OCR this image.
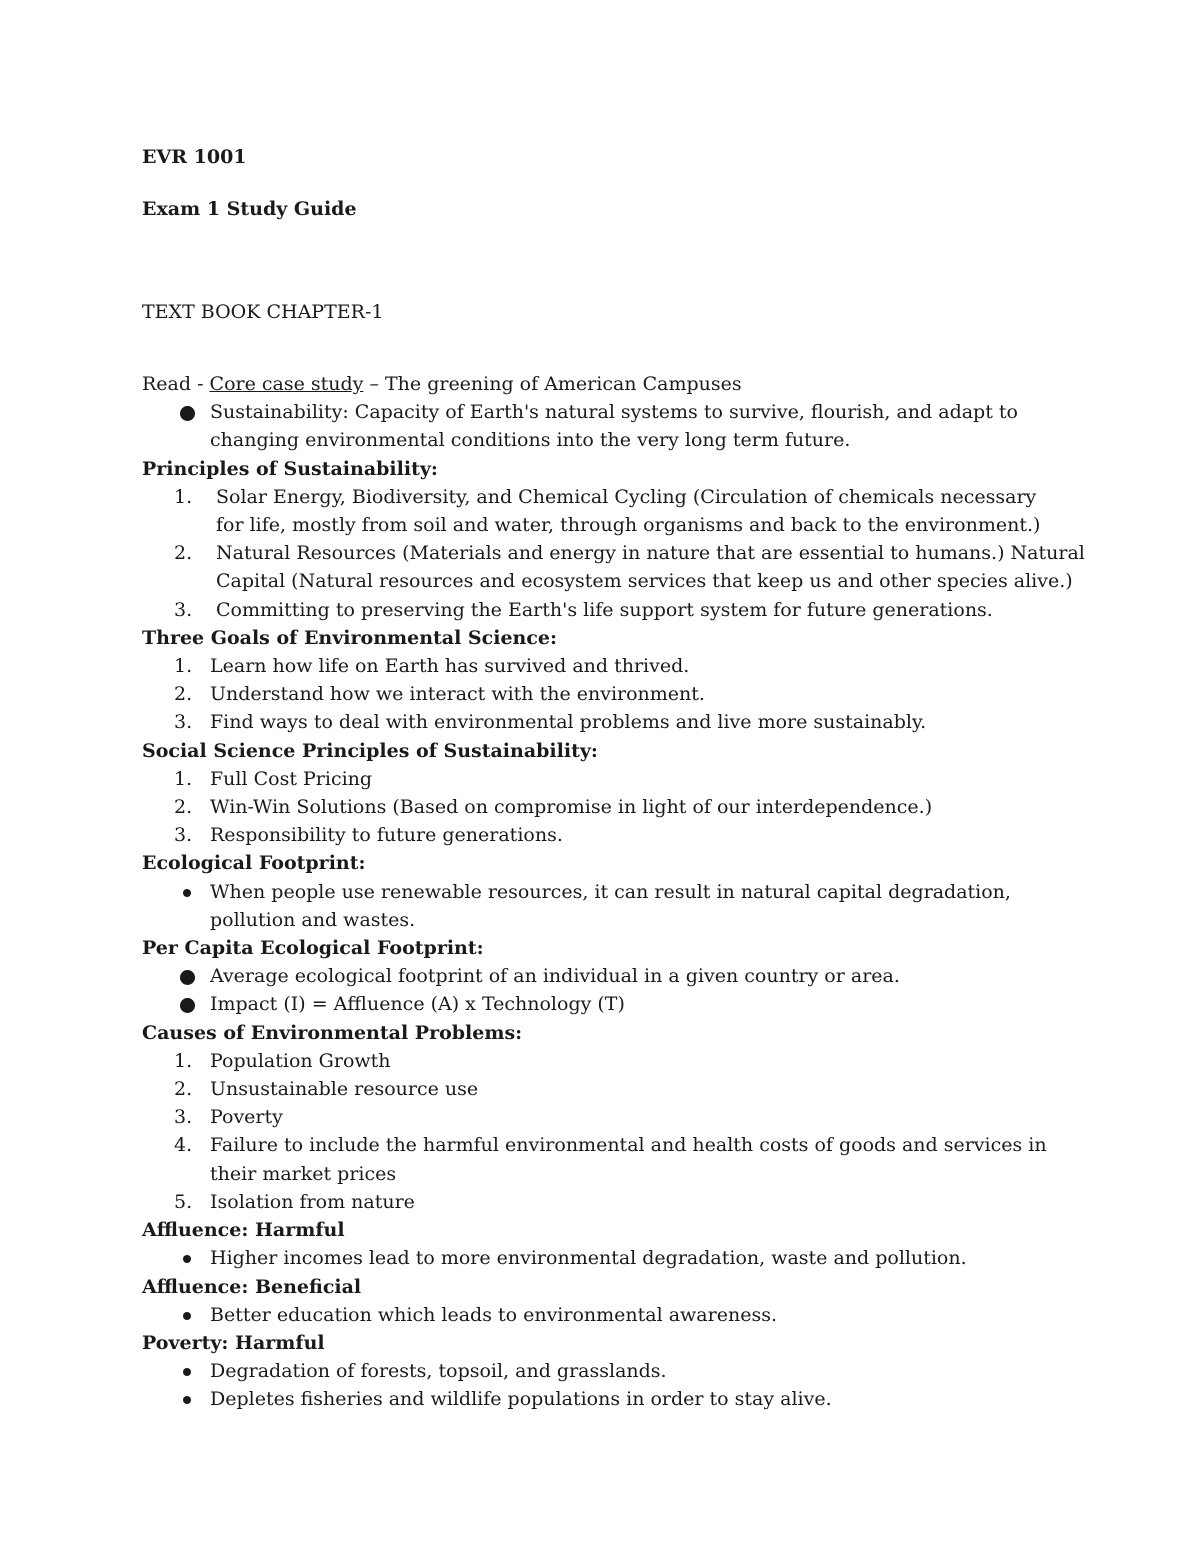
EVR 1001
Exam 1 Study Guide
TEXT BOOK CHAPTER-1
Read - Core case study – The greening of American Campuses
Sustainability: Capacity of Earth's natural systems to survive, flourish, and adapt to
changing environmental conditions into the very long term future.
Principles of Sustainability:
1. Solar Energy, Biodiversity, and Chemical Cycling (Circulation of chemicals necessary
for life, mostly from soil and water, through organisms and back to the environment.)
2. Natural Resources (Materials and energy in nature that are essential to humans.) Natural
Capital (Natural resources and ecosystem services that keep us and other species alive.)
3. Committing to preserving the Earth's life support system for future generations.
Three Goals of Environmental Science:
1. Learn how life on Earth has survived and thrived.
2. Understand how we interact with the environment.
3. Find ways to deal with environmental problems and live more sustainably.
Social Science Principles of Sustainability:
1. Full Cost Pricing
2. Win-Win Solutions (Based on compromise in light of our interdependence.)
3. Responsibility to future generations.
Ecological Footprint:
When people use renewable resources, it can result in natural capital degradation,
pollution and wastes.
Per Capita Ecological Footprint:
Average ecological footprint of an individual in a given country or area.
Impact (I) = Affluence (A) x Technology (T)
Causes of Environmental Problems:
1. Population Growth
2. Unsustainable resource use
3. Poverty
4. Failure to include the harmful environmental and health costs of goods and services in
their market prices
5. Isolation from nature
Affluence: Harmful
Higher incomes lead to more environmental degradation, waste and pollution.
Affluence: Beneficial
Better education which leads to environmental awareness.
Poverty: Harmful
Degradation of forests, topsoil, and grasslands.
Depletes fisheries and wildlife populations in order to stay alive.
